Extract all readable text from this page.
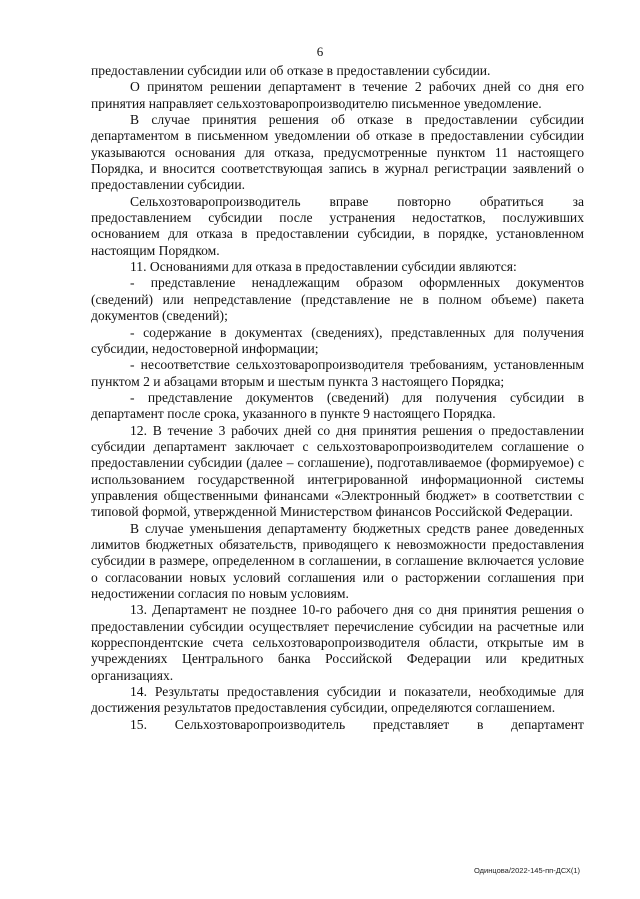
6

предоставлении субсидии или об отказе в предоставлении субсидии.

О принятом решении департамент в течение 2 рабочих дней со дня его принятия направляет сельхозтоваропроизводителю письменное уведомление.

В случае принятия решения об отказе в предоставлении субсидии департаментом в письменном уведомлении об отказе в предоставлении субсидии указываются основания для отказа, предусмотренные пунктом 11 настоящего Порядка, и вносится соответствующая запись в журнал регистрации заявлений о предоставлении субсидии.

Сельхозтоваропроизводитель вправе повторно обратиться за предоставлением субсидии после устранения недостатков, послуживших основанием для отказа в предоставлении субсидии, в порядке, установленном настоящим Порядком.

11. Основаниями для отказа в предоставлении субсидии являются:

- представление ненадлежащим образом оформленных документов (сведений) или непредставление (представление не в полном объеме) пакета документов (сведений);

- содержание в документах (сведениях), представленных для получения субсидии, недостоверной информации;

- несоответствие сельхозтоваропроизводителя требованиям, установленным пунктом 2 и абзацами вторым и шестым пункта 3 настоящего Порядка;

- представление документов (сведений) для получения субсидии в департамент после срока, указанного в пункте 9 настоящего Порядка.

12. В течение 3 рабочих дней со дня принятия решения о предоставлении субсидии департамент заключает с сельхозтоваропроизводителем соглашение о предоставлении субсидии (далее – соглашение), подготавливаемое (формируемое) с использованием государственной интегрированной информационной системы управления общественными финансами «Электронный бюджет» в соответствии с типовой формой, утвержденной Министерством финансов Российской Федерации.

В случае уменьшения департаменту бюджетных средств ранее доведенных лимитов бюджетных обязательств, приводящего к невозможности предоставления субсидии в размере, определенном в соглашении, в соглашение включается условие о согласовании новых условий соглашения или о расторжении соглашения при недостижении согласия по новым условиям.

13. Департамент не позднее 10-го рабочего дня со дня принятия решения о предоставлении субсидии осуществляет перечисление субсидии на расчетные или корреспондентские счета сельхозтоваропроизводителя области, открытые им в учреждениях Центрального банка Российской Федерации или кредитных организациях.

14. Результаты предоставления субсидии и показатели, необходимые для достижения результатов предоставления субсидии, определяются соглашением.

15. Сельхозтоваропроизводитель представляет в департамент

Одинцова/2022-145-пп-ДСХ(1)
